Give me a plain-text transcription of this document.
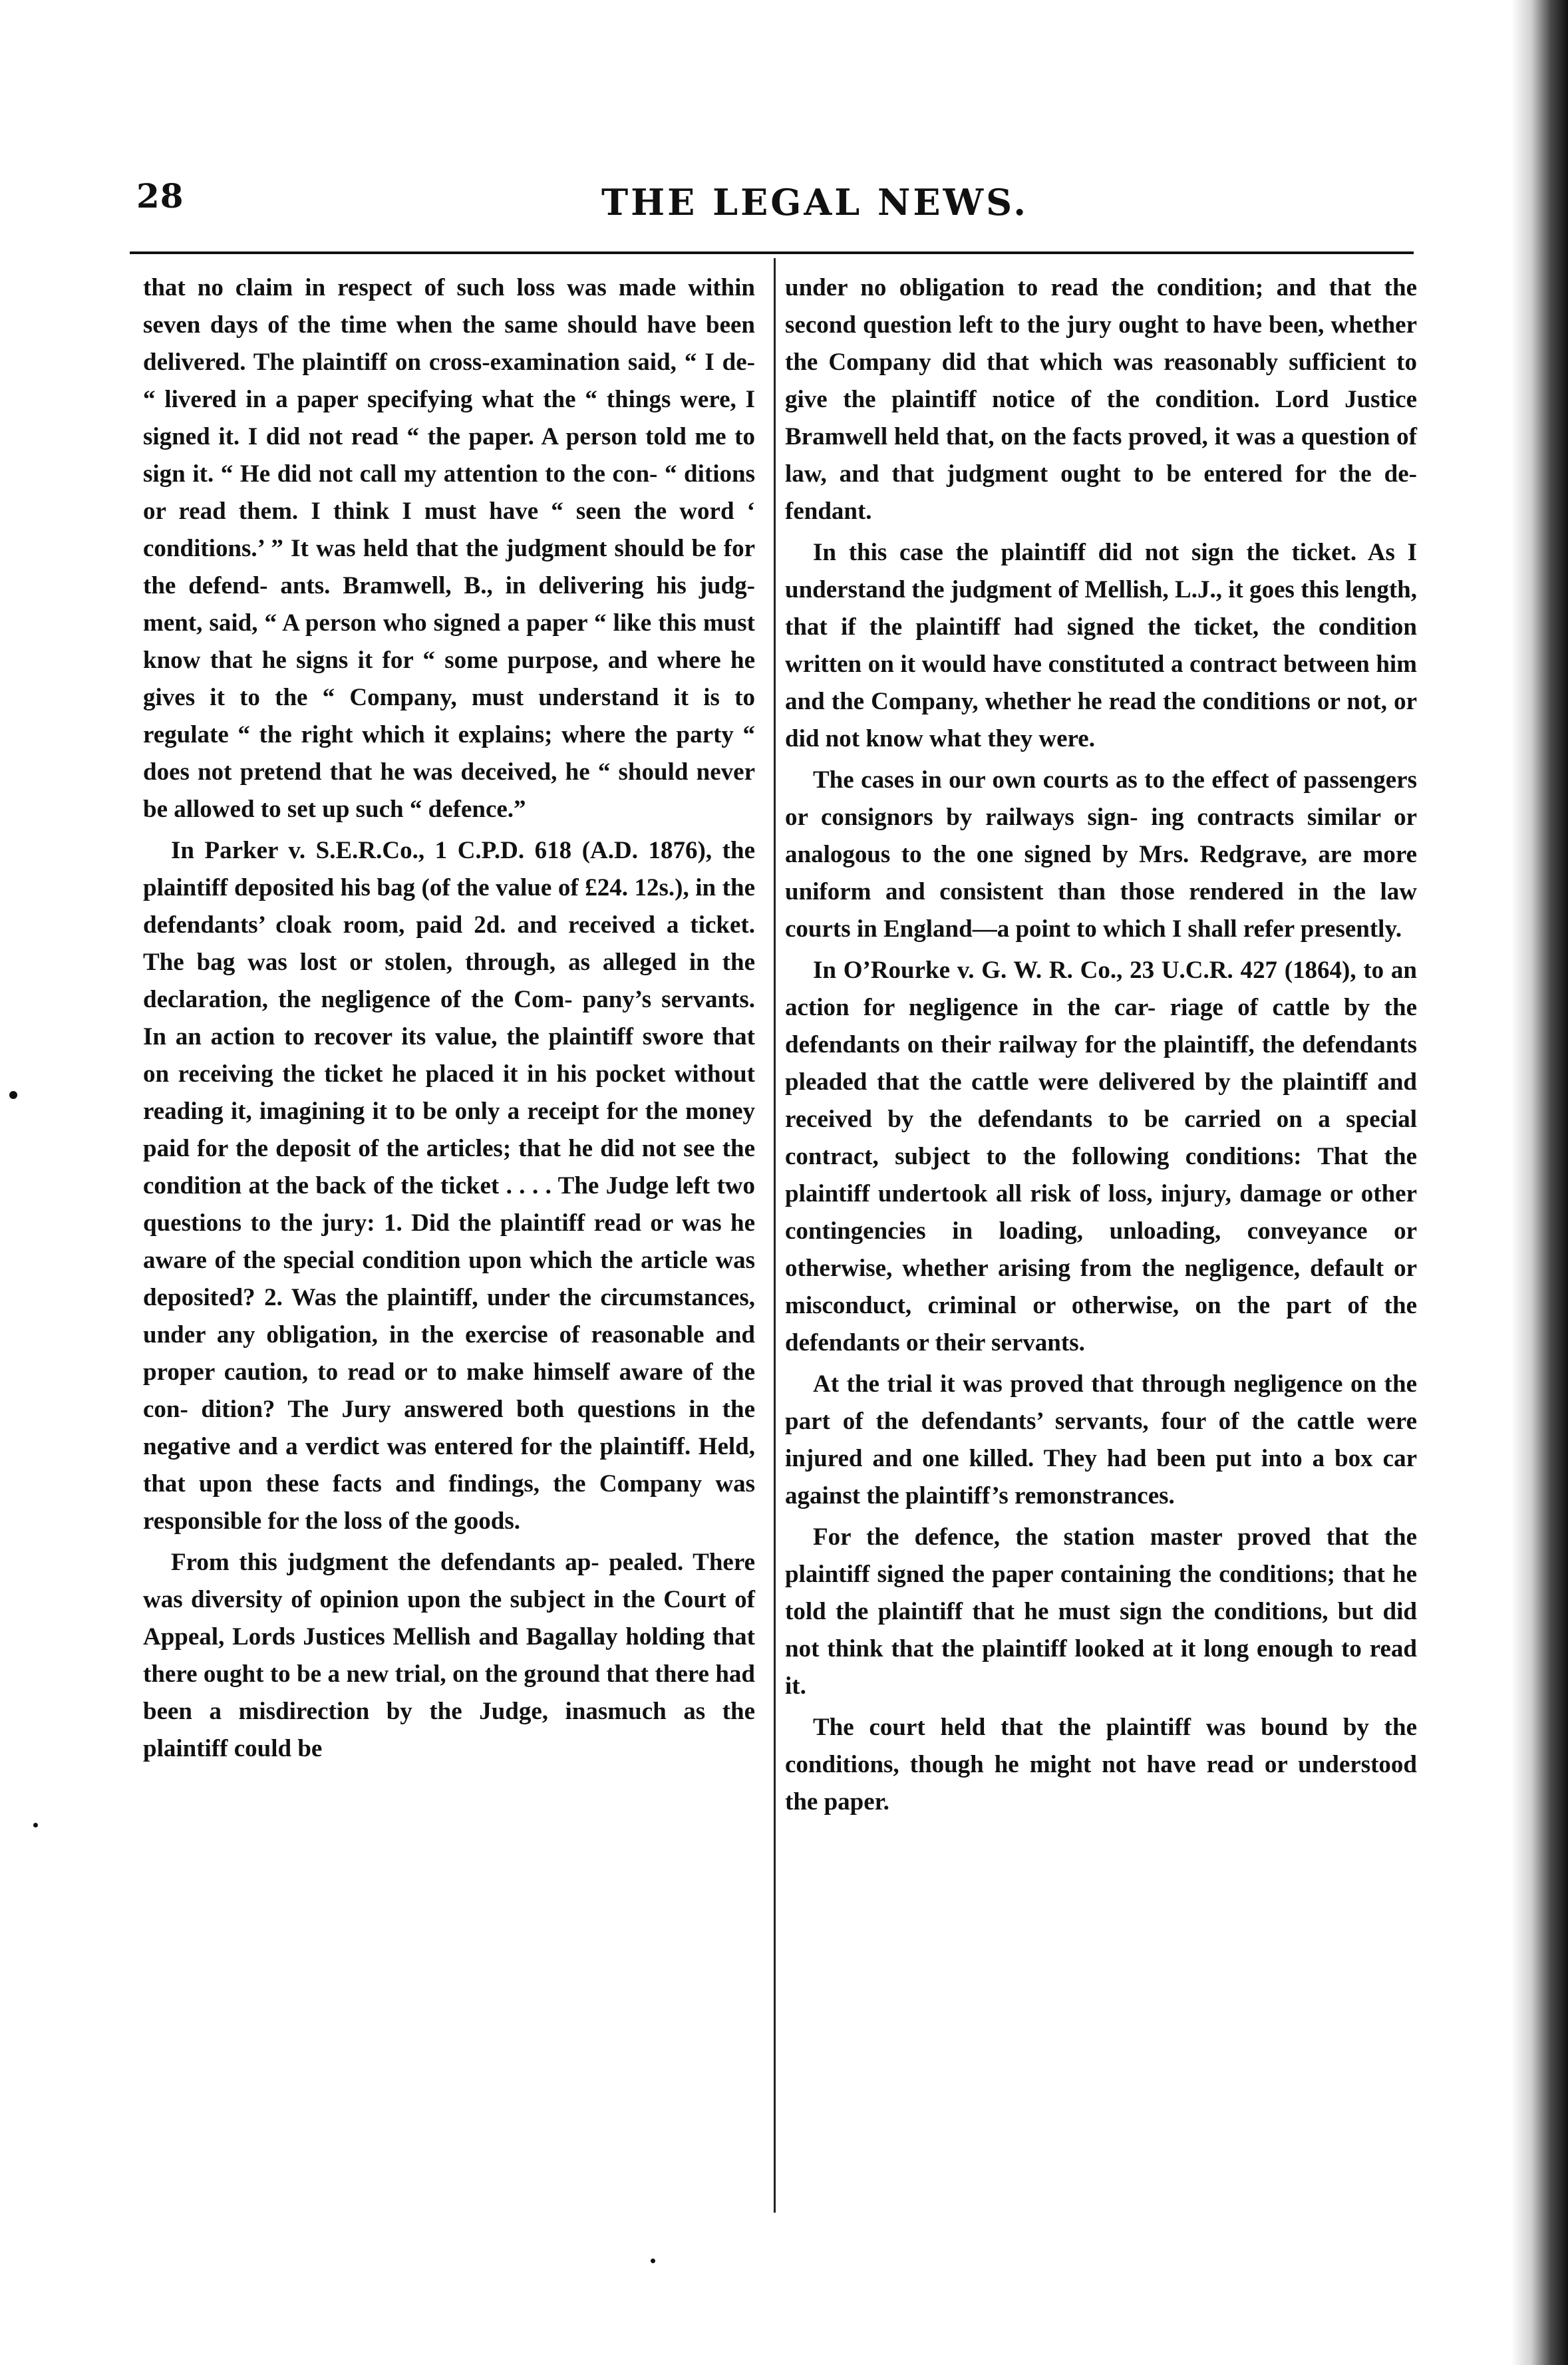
28	THE LEGAL NEWS.

that no claim in respect of such loss was made within seven days of the time when the same should have been delivered. The plaintiff on cross-examination said, “ I de- “ livered in a paper specifying what the “ things were, I signed it. I did not read “ the paper. A person told me to sign it. “ He did not call my attention to the con- “ ditions or read them. I think I must have “ seen the word ‘ conditions.’ ” It was held that the judgment should be for the defend- ants. Bramwell, B., in delivering his judg- ment, said, “ A person who signed a paper “ like this must know that he signs it for “ some purpose, and where he gives it to the “ Company, must understand it is to regulate “ the right which it explains; where the party “ does not pretend that he was deceived, he “ should never be allowed to set up such “ defence.”

In Parker v. S.E.R.Co., 1 C.P.D. 618 (A.D. 1876), the plaintiff deposited his bag (of the value of £24. 12s.), in the defendants’ cloak room, paid 2d. and received a ticket. The bag was lost or stolen, through, as alleged in the declaration, the negligence of the Com- pany’s servants. In an action to recover its value, the plaintiff swore that on receiving the ticket he placed it in his pocket without reading it, imagining it to be only a receipt for the money paid for the deposit of the articles; that he did not see the condition at the back of the ticket . . . . The Judge left two questions to the jury: 1. Did the plaintiff read or was he aware of the special condition upon which the article was deposited? 2. Was the plaintiff, under the circumstances, under any obligation, in the exercise of reasonable and proper caution, to read or to make himself aware of the con- dition? The Jury answered both questions in the negative and a verdict was entered for the plaintiff. Held, that upon these facts and findings, the Company was responsible for the loss of the goods.

From this judgment the defendants ap- pealed. There was diversity of opinion upon the subject in the Court of Appeal, Lords Justices Mellish and Bagallay holding that there ought to be a new trial, on the ground that there had been a misdirection by the Judge, inasmuch as the plaintiff could be

under no obligation to read the condition; and that the second question left to the jury ought to have been, whether the Company did that which was reasonably sufficient to give the plaintiff notice of the condition. Lord Justice Bramwell held that, on the facts proved, it was a question of law, and that judgment ought to be entered for the de- fendant.

In this case the plaintiff did not sign the ticket. As I understand the judgment of Mellish, L.J., it goes this length, that if the plaintiff had signed the ticket, the condition written on it would have constituted a contract between him and the Company, whether he read the conditions or not, or did not know what they were.

The cases in our own courts as to the effect of passengers or consignors by railways sign- ing contracts similar or analogous to the one signed by Mrs. Redgrave, are more uniform and consistent than those rendered in the law courts in England—a point to which I shall refer presently.

In O’Rourke v. G. W. R. Co., 23 U.C.R. 427 (1864), to an action for negligence in the car- riage of cattle by the defendants on their railway for the plaintiff, the defendants pleaded that the cattle were delivered by the plaintiff and received by the defendants to be carried on a special contract, subject to the following conditions: That the plaintiff undertook all risk of loss, injury, damage or other contingencies in loading, unloading, conveyance or otherwise, whether arising from the negligence, default or misconduct, criminal or otherwise, on the part of the defendants or their servants.

At the trial it was proved that through negligence on the part of the defendants’ servants, four of the cattle were injured and one killed. They had been put into a box car against the plaintiff’s remonstrances.

For the defence, the station master proved that the plaintiff signed the paper containing the conditions; that he told the plaintiff that he must sign the conditions, but did not think that the plaintiff looked at it long enough to read it.

The court held that the plaintiff was bound by the conditions, though he might not have read or understood the paper.
